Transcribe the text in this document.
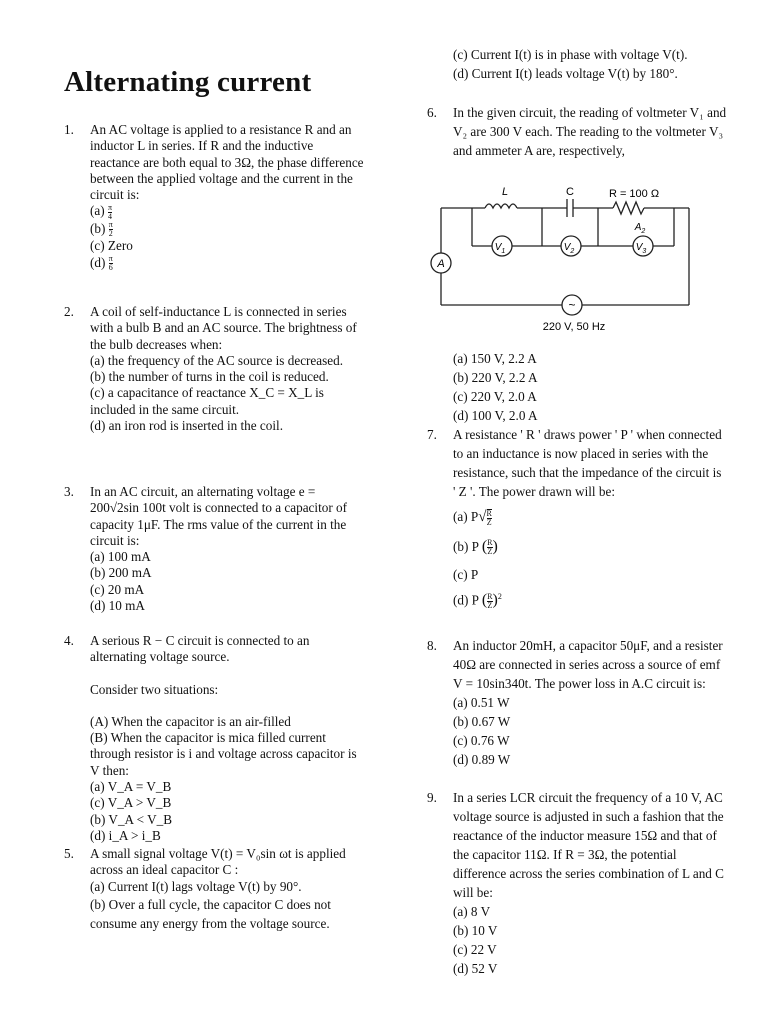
Alternating current
1. An AC voltage is applied to a resistance R and an inductor L in series. If R and the inductive reactance are both equal to 3Ω, the phase difference between the applied voltage and the current in the circuit is:
$(a) \frac{\pi}{4}$
$(b) \frac{\pi}{2}$
(c) Zero
$(d) \frac{\pi}{6}$
2. A coil of self-inductance L is connected in series with a bulb B and an AC source. The brightness of the bulb decreases when:
(a) the frequency of the AC source is decreased.
(b) the number of turns in the coil is reduced.
(c) a capacitance of reactance X_C = X_L is included in the same circuit.
(d) an iron rod is inserted in the coil.
3. In an AC circuit, an alternating voltage e = 200√2sin 100t volt is connected to a capacitor of capacity 1μF. The rms value of the current in the circuit is:
(a) 100 mA
(b) 200 mA
(c) 20 mA
(d) 10 mA
4. A serious R − C circuit is connected to an alternating voltage source.
Consider two situations:
(A) When the capacitor is an air-filled
(B) When the capacitor is mica filled current through resistor is i and voltage across capacitor is V then:
(a) V_A = V_B
(c) V_A > V_B
(b) V_A < V_B
(d) i_A > i_B
5. A small signal voltage V(t) = V₀sin ωt is applied across an ideal capacitor C :
(a) Current I(t) lags voltage V(t) by 90°.
(b) Over a full cycle, the capacitor C does not consume any energy from the voltage source.
(c) Current I(t) is in phase with voltage V(t).
(d) Current I(t) leads voltage V(t) by 180°.
6. In the given circuit, the reading of voltmeter V₁ and V₂ are 300 V each. The reading to the voltmeter V₃ and ammeter A are, respectively,
L	C	R = 100 Ω
$A_2$
$V_1$	$V_2$	$V_3$
A
~
220 V, 50 Hz
(a) 150 V, 2.2 A
(b) 220 V, 2.2 A
(c) 220 V, 2.0 A
(d) 100 V, 2.0 A
7. A resistance ' R ' draws power ' P ' when connected to an inductance is now placed in series with the resistance, such that the impedance of the circuit is ' Z '. The power drawn will be:
(a) $P√ \frac{R}{Z}$
(b) P ( $\frac{R}{Z}$ )
(c) P
(d) P ( $\frac{R}{Z} )^2$
8. An inductor 20mH, a capacitor 50μF, and a resister 40Ω are connected in series across a source of emf V = 10sin340t. The power loss in A.C circuit is:
(a) 0.51 W
(b) 0.67 W
(c) 0.76 W
(d) 0.89 W
9. In a series LCR circuit the frequency of a 10 V, AC voltage source is adjusted in such a fashion that the reactance of the inductor measure 15Ω and that of the capacitor 11Ω. If R = 3Ω, the potential difference across the series combination of L and C will be:
(a) 8 V
(b) 10 V
(c) 22 V
(d) 52 V
